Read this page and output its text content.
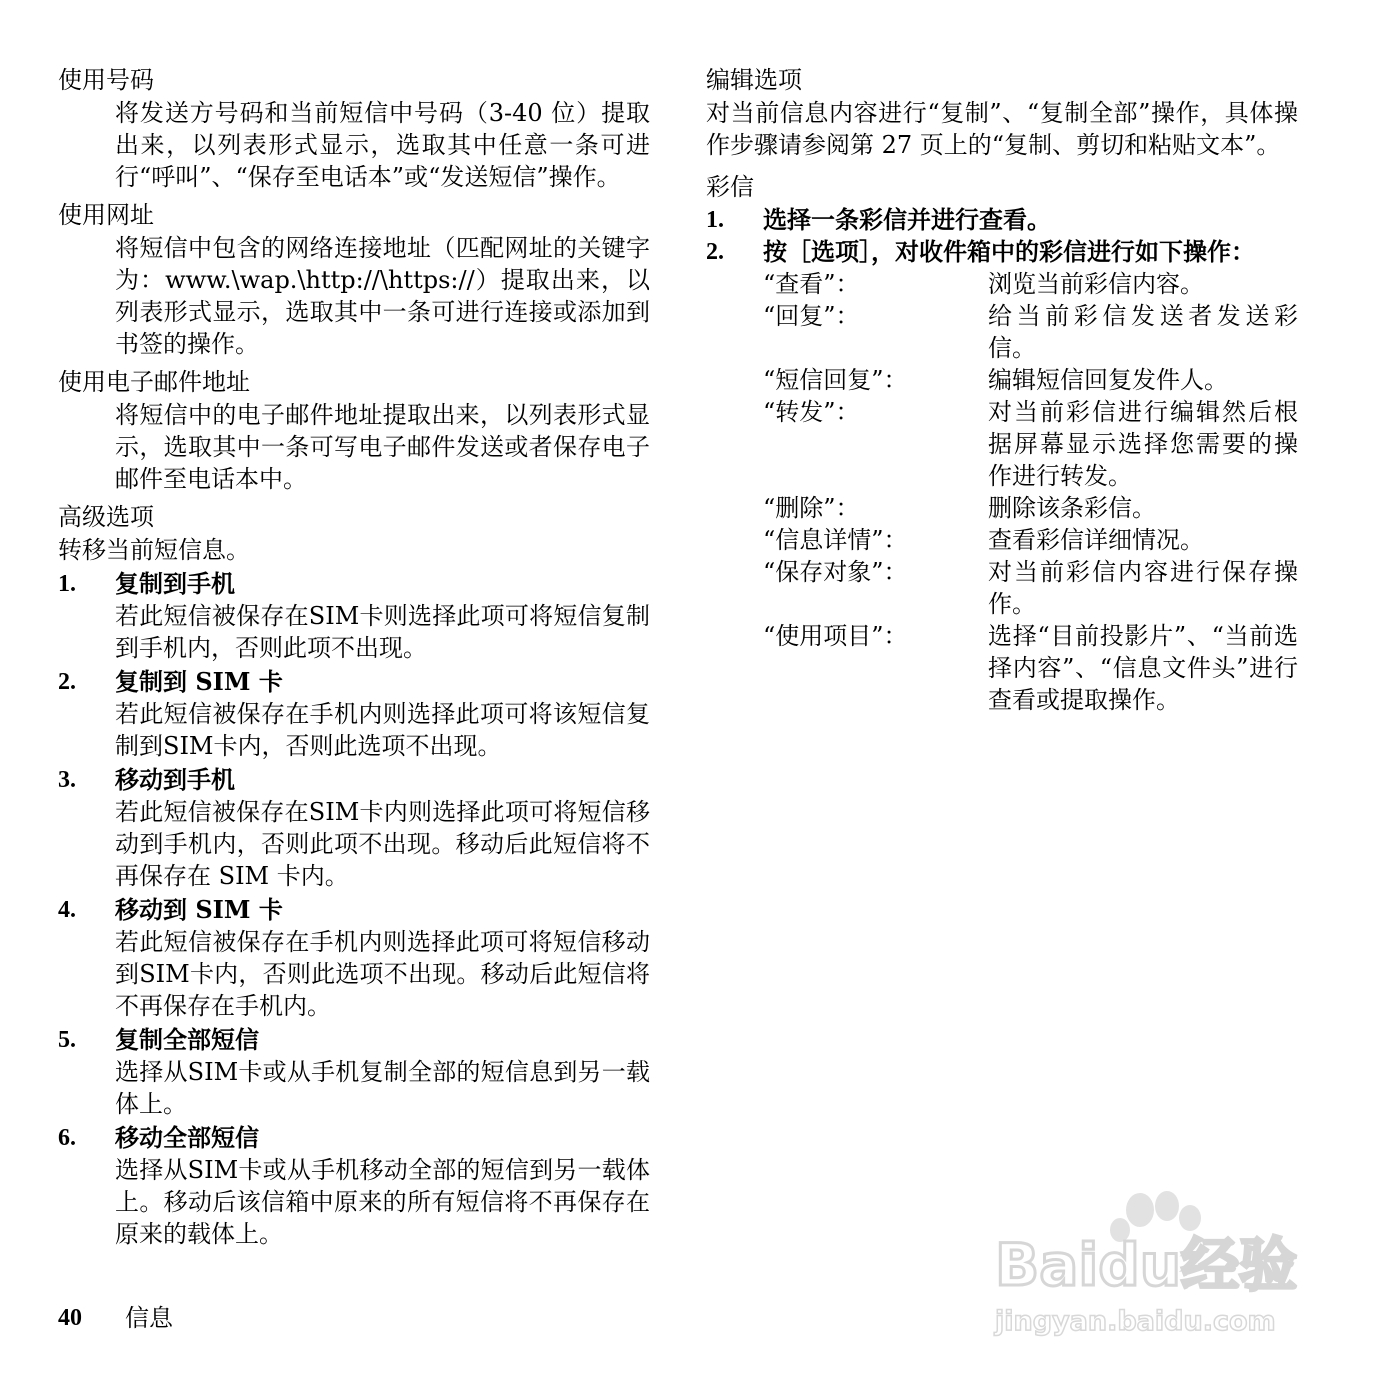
使用号码
将发送方号码和当前短信中号码（3-40 位）提取出来，以列表形式显示，选取其中任意一条可进行“呼叫”、“保存至电话本”或“发送短信”操作。
使用网址
将短信中包含的网络连接地址（匹配网址的关键字为：www.\wap.\http://\https://）提取出来，以列表形式显示，选取其中一条可进行连接或添加到书签的操作。
使用电子邮件地址
将短信中的电子邮件地址提取出来，以列表形式显示，选取其中一条可写电子邮件发送或者保存电子邮件至电话本中。
高级选项
转移当前短信息。
1.	复制到手机
若此短信被保存在SIM卡则选择此项可将短信复制到手机内，否则此项不出现。
2.	复制到 SIM 卡
若此短信被保存在手机内则选择此项可将该短信复制到SIM卡内，否则此选项不出现。
3.	移动到手机
若此短信被保存在SIM卡内则选择此项可将短信移动到手机内，否则此项不出现。移动后此短信将不再保存在 SIM 卡内。
4.	移动到 SIM 卡
若此短信被保存在手机内则选择此项可将短信移动到SIM卡内，否则此选项不出现。移动后此短信将不再保存在手机内。
5.	复制全部短信
选择从SIM卡或从手机复制全部的短信息到另一载体上。
6.	移动全部短信
选择从SIM卡或从手机移动全部的短信到另一载体上。移动后该信箱中原来的所有短信将不再保存在原来的载体上。
编辑选项
对当前信息内容进行“复制”、“复制全部”操作，具体操作步骤请参阅第 27 页上的“复制、剪切和粘贴文本”。
彩信
1.	选择一条彩信并进行查看。
2.	按［选项］，对收件箱中的彩信进行如下操作：
“查看”：	浏览当前彩信内容。
“回复”：	给当前彩信发送者发送彩信。
“短信回复”：	编辑短信回复发件人。
“转发”：	对当前彩信进行编辑然后根据屏幕显示选择您需要的操作进行转发。
“删除”：	删除该条彩信。
“信息详情”：	查看彩信详细情况。
“保存对象”：	对当前彩信内容进行保存操作。
“使用项目”：	选择“目前投影片”、“当前选择内容”、“信息文件头”进行查看或提取操作。
40	信息
Baidu经验
jingyan.baidu.com
